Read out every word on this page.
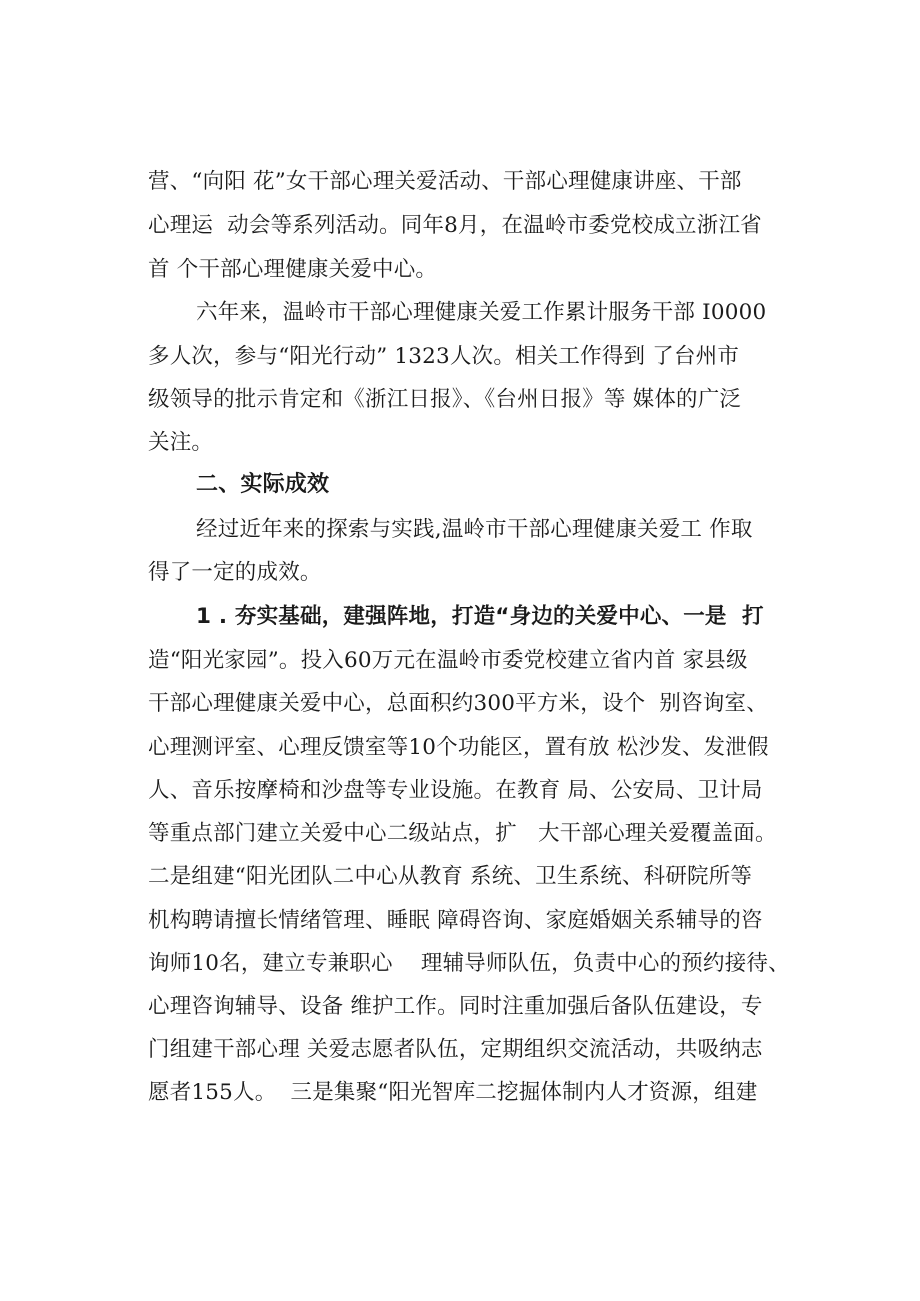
营、“向阳 花”女干部心理关爱活动、干部心理健康讲座、干部
心理运  动会等系列活动。同年8月，在温岭市委党校成立浙江省
首 个干部心理健康关爱中心。
六年来，温岭市干部心理健康关爱工作累计服务干部 I0000
多人次，参与“阳光行动” 1323人次。相关工作得到 了台州市
级领导的批示肯定和《浙江日报》、《台州日报》等 媒体的广泛
关注。
二、实际成效
经过近年来的探索与实践,温岭市干部心理健康关爱工 作取
得了一定的成效。
1 . 夯实基础，建强阵地，打造“身边的关爱中心、一是  打
造“阳光家园”。投入60万元在温岭市委党校建立省内首 家县级
干部心理健康关爱中心，总面积约300平方米，设个  别咨询室、
心理测评室、心理反馈室等10个功能区，置有放 松沙发、发泄假
人、音乐按摩椅和沙盘等专业设施。在教育 局、公安局、卫计局
等重点部门建立关爱中心二级站点，扩   大干部心理关爱覆盖面。
二是组建“阳光团队二中心从教育 系统、卫生系统、科研院所等
机构聘请擅长情绪管理、睡眠 障碍咨询、家庭婚姻关系辅导的咨
询师10名，建立专兼职心    理辅导师队伍，负责中心的预约接待、
心理咨询辅导、设备 维护工作。同时注重加强后备队伍建设，专
门组建干部心理 关爱志愿者队伍，定期组织交流活动，共吸纳志
愿者155人。  三是集聚“阳光智库二挖掘体制内人才资源，组建
